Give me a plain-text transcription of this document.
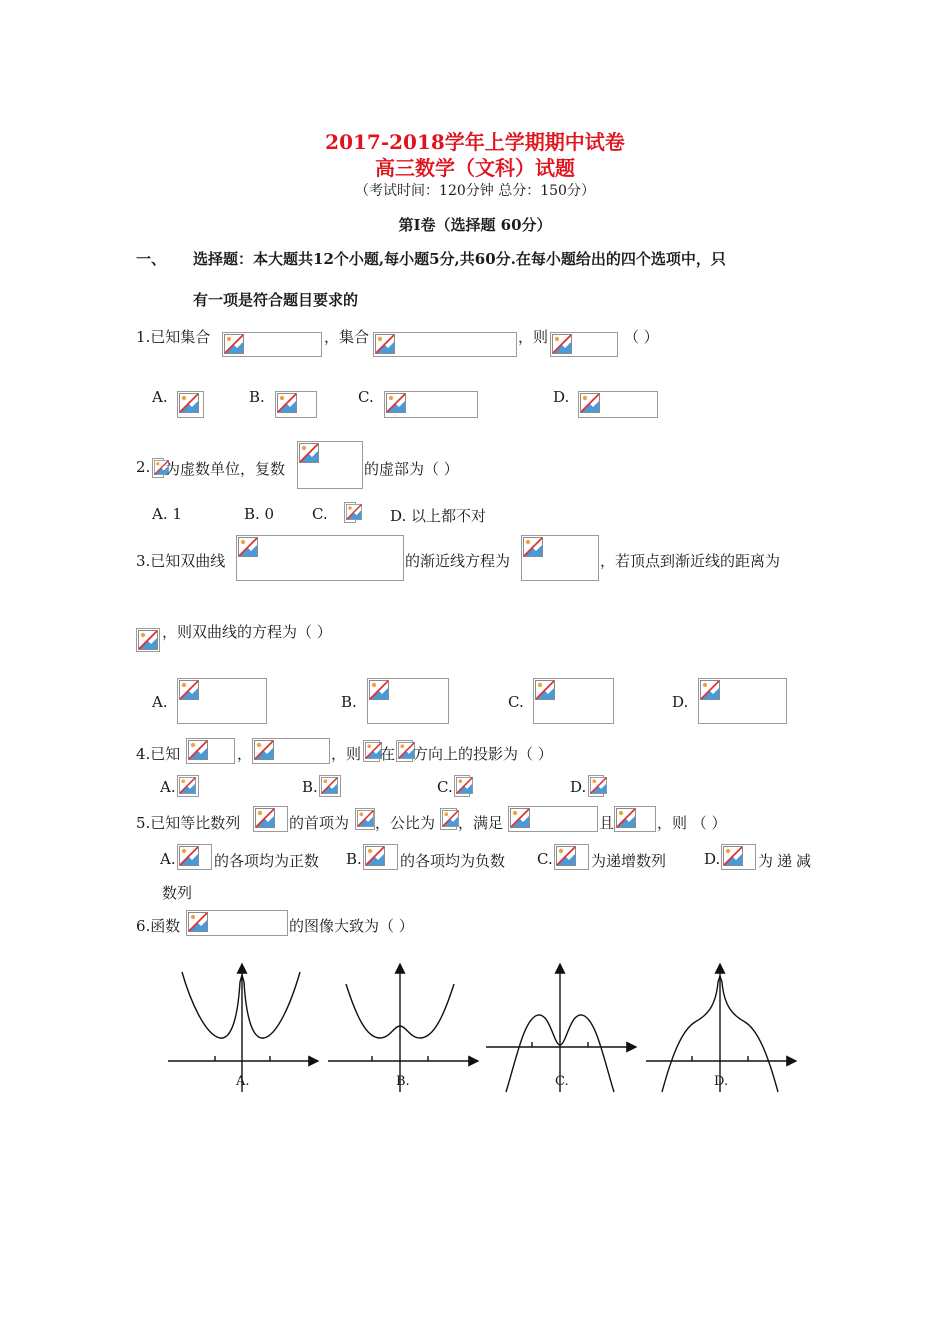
2017-2018学年上学期期中试卷
高三数学（文科）试题
（考试时间：120分钟 总分：150分）
第Ⅰ卷（选择题 60分）
一、 选择题：本大题共12个小题,每小题5分,共60分.在每小题给出的四个选项中，只
有一项是符合题目要求的
1.已知集合	，集合	，则	（ ）
A.	B.	C.	D.
2. 为虚数单位，复数	的虚部为（ ）
A. 1	B. 0	C.	D. 以上都不对
3.已知双曲线	的渐近线方程为	，若顶点到渐近线的距离为
，则双曲线的方程为（ ）
A.	B.	C.	D.
4.已知	，	，则 在 方向上的投影为（ ）
A.	B.	C.	D.
5.已知等比数列	的首项为 ，公比为 ，满足	且	，则 （ ）
A.	的各项均为正数 B.	的各项均为负数 C.	为递增数列	D.	为递减
数列
6.函数	的图像大致为（ ）
A.	B.	C.	D.
